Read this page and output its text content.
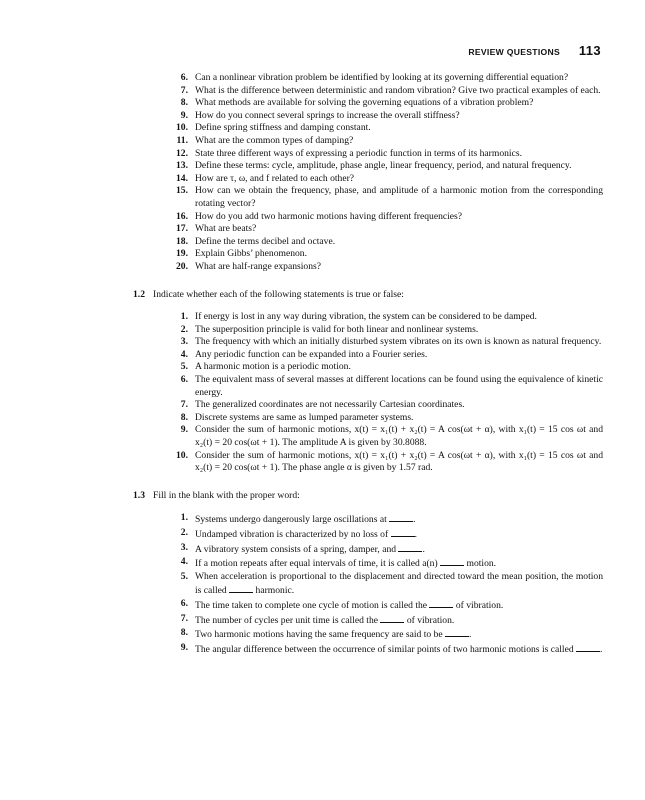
REVIEW QUESTIONS 113
6. Can a nonlinear vibration problem be identified by looking at its governing differential equation?
7. What is the difference between deterministic and random vibration? Give two practical examples of each.
8. What methods are available for solving the governing equations of a vibration problem?
9. How do you connect several springs to increase the overall stiffness?
10. Define spring stiffness and damping constant.
11. What are the common types of damping?
12. State three different ways of expressing a periodic function in terms of its harmonics.
13. Define these terms: cycle, amplitude, phase angle, linear frequency, period, and natural frequency.
14. How are τ, ω, and f related to each other?
15. How can we obtain the frequency, phase, and amplitude of a harmonic motion from the corresponding rotating vector?
16. How do you add two harmonic motions having different frequencies?
17. What are beats?
18. Define the terms decibel and octave.
19. Explain Gibbs’ phenomenon.
20. What are half-range expansions?
1.2 Indicate whether each of the following statements is true or false:
1. If energy is lost in any way during vibration, the system can be considered to be damped.
2. The superposition principle is valid for both linear and nonlinear systems.
3. The frequency with which an initially disturbed system vibrates on its own is known as natural frequency.
4. Any periodic function can be expanded into a Fourier series.
5. A harmonic motion is a periodic motion.
6. The equivalent mass of several masses at different locations can be found using the equivalence of kinetic energy.
7. The generalized coordinates are not necessarily Cartesian coordinates.
8. Discrete systems are same as lumped parameter systems.
9. Consider the sum of harmonic motions, x(t) = x₁(t) + x₂(t) = A cos(ωt + α), with x₁(t) = 15 cos ωt and x₂(t) = 20 cos(ωt + 1). The amplitude A is given by 30.8088.
10. Consider the sum of harmonic motions, x(t) = x₁(t) + x₂(t) = A cos(ωt + α), with x₁(t) = 15 cos ωt and x₂(t) = 20 cos(ωt + 1). The phase angle α is given by 1.57 rad.
1.3 Fill in the blank with the proper word:
1. Systems undergo dangerously large oscillations at	.
2. Undamped vibration is characterized by no loss of	.
3. A vibratory system consists of a spring, damper, and	.
4. If a motion repeats after equal intervals of time, it is called a(n)	motion.
5. When acceleration is proportional to the displacement and directed toward the mean position, the motion is called	harmonic.
6. The time taken to complete one cycle of motion is called the	of vibration.
7. The number of cycles per unit time is called the	of vibration.
8. Two harmonic motions having the same frequency are said to be	.
9. The angular difference between the occurrence of similar points of two harmonic motions is called	.
